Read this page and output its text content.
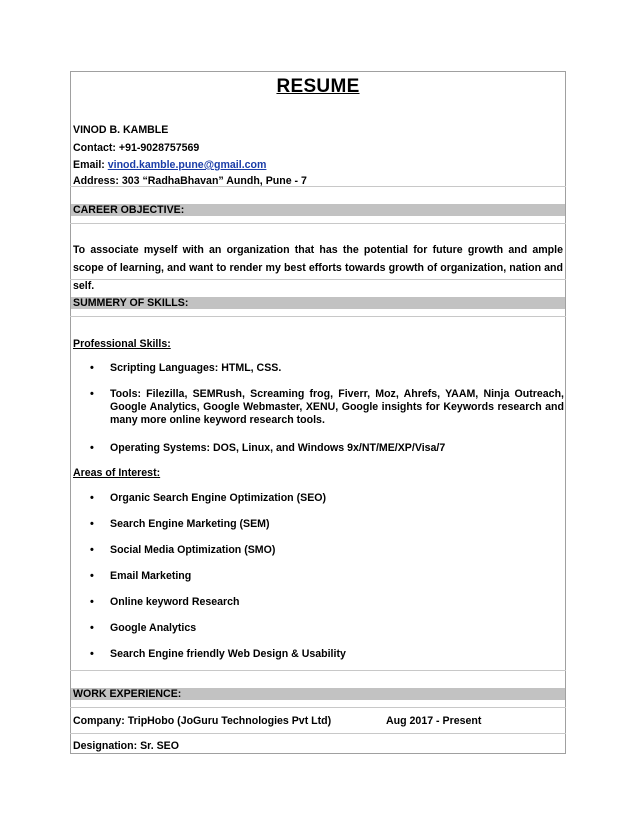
RESUME
VINOD B. KAMBLE
Contact: +91-9028757569
Email: vinod.kamble.pune@gmail.com
Address: 303 “RadhaBhavan” Aundh, Pune - 7
CAREER OBJECTIVE:
To associate myself with an organization that has the potential for future growth and ample scope of learning, and want to render my best efforts towards growth of organization, nation and self.
SUMMERY OF SKILLS:
Professional Skills:
• Scripting Languages: HTML, CSS.
• Tools: Filezilla, SEMRush, Screaming frog, Fiverr, Moz, Ahrefs, YAAM, Ninja Outreach, Google Analytics, Google Webmaster, XENU, Google insights for Keywords research and many more online keyword research tools.
• Operating Systems: DOS, Linux, and Windows 9x/NT/ME/XP/Visa/7
Areas of Interest:
• Organic Search Engine Optimization (SEO)
• Search Engine Marketing (SEM)
• Social Media Optimization (SMO)
• Email Marketing
• Online keyword Research
• Google Analytics
• Search Engine friendly Web Design & Usability
WORK EXPERIENCE:
Company: TripHobo (JoGuru Technologies Pvt Ltd)	Aug 2017 - Present
Designation: Sr. SEO
